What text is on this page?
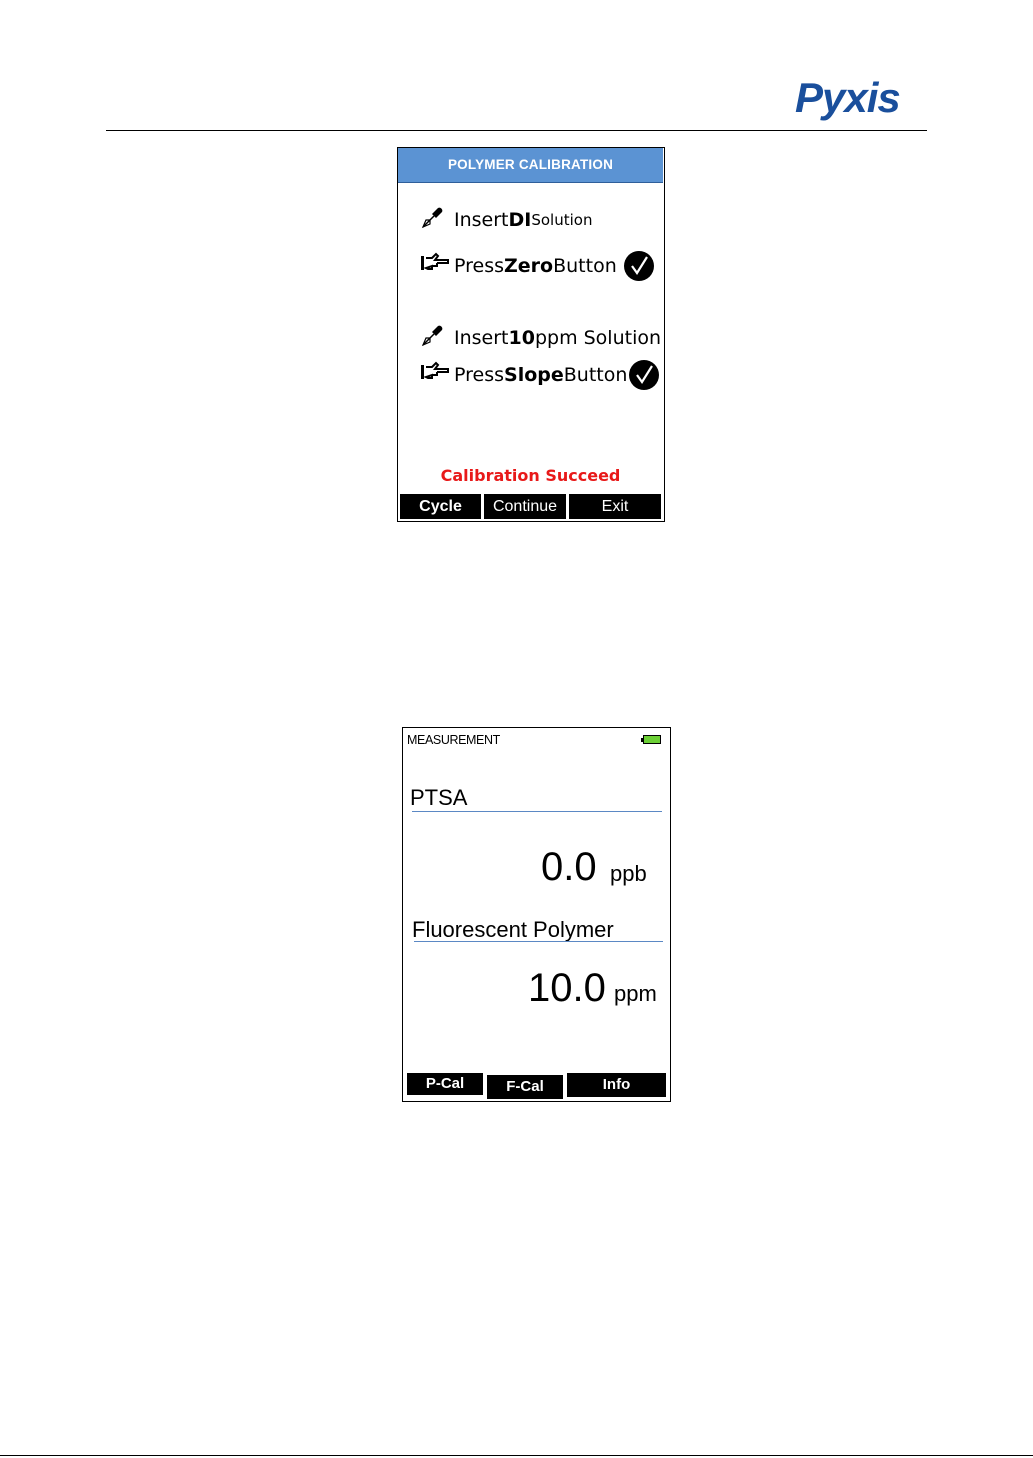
Pyxis
POLYMER CALIBRATION
Insert DI Solution
Press Zero Button
Insert 10 ppm Solution
Press Slope Button
Calibration Succeed
Cycle	Continue	Exit
MEASUREMENT
PTSA
0.0 ppb
Fluorescent Polymer
10.0 ppm
P-Cal	F-Cal	Info
